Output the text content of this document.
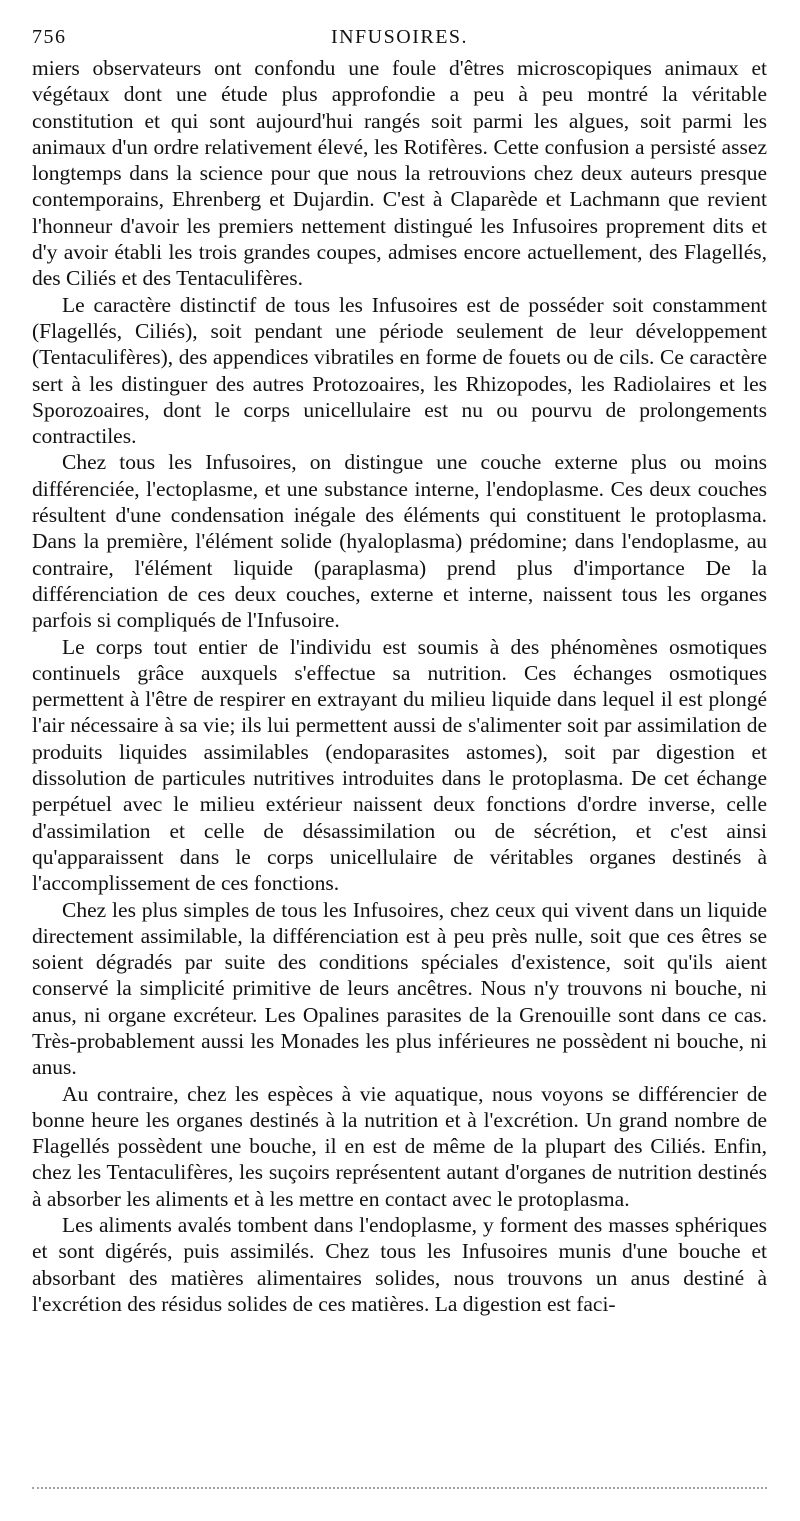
756	INFUSOIRES.

miers observateurs ont confondu une foule d'êtres microscopiques animaux et végétaux dont une étude plus approfondie a peu à peu montré la véritable constitution et qui sont aujourd'hui rangés soit parmi les algues, soit parmi les animaux d'un ordre relativement élevé, les Rotifères. Cette confusion a persisté assez longtemps dans la science pour que nous la retrouvions chez deux auteurs presque contemporains, Ehrenberg et Dujardin. C'est à Claparède et Lachmann que revient l'honneur d'avoir les premiers nettement distingué les Infusoires proprement dits et d'y avoir établi les trois grandes coupes, admises encore actuellement, des Flagellés, des Ciliés et des Tentaculifères.

Le caractère distinctif de tous les Infusoires est de posséder soit constamment (Flagellés, Ciliés), soit pendant une période seulement de leur développement (Tentaculifères), des appendices vibratiles en forme de fouets ou de cils. Ce caractère sert à les distinguer des autres Protozoaires, les Rhizopodes, les Radiolaires et les Sporozoaires, dont le corps unicellulaire est nu ou pourvu de prolongements contractiles.

Chez tous les Infusoires, on distingue une couche externe plus ou moins différenciée, l'ectoplasme, et une substance interne, l'endoplasme. Ces deux couches résultent d'une condensation inégale des éléments qui constituent le protoplasma. Dans la première, l'élément solide (hyaloplasma) prédomine; dans l'endoplasme, au contraire, l'élément liquide (paraplasma) prend plus d'importance De la différenciation de ces deux couches, externe et interne, naissent tous les organes parfois si compliqués de l'Infusoire.

Le corps tout entier de l'individu est soumis à des phénomènes osmotiques continuels grâce auxquels s'effectue sa nutrition. Ces échanges osmotiques permettent à l'être de respirer en extrayant du milieu liquide dans lequel il est plongé l'air nécessaire à sa vie; ils lui permettent aussi de s'alimenter soit par assimilation de produits liquides assimilables (endoparasites astomes), soit par digestion et dissolution de particules nutritives introduites dans le protoplasma. De cet échange perpétuel avec le milieu extérieur naissent deux fonctions d'ordre inverse, celle d'assimilation et celle de désassimilation ou de sécrétion, et c'est ainsi qu'apparaissent dans le corps unicellulaire de véritables organes destinés à l'accomplissement de ces fonctions.

Chez les plus simples de tous les Infusoires, chez ceux qui vivent dans un liquide directement assimilable, la différenciation est à peu près nulle, soit que ces êtres se soient dégradés par suite des conditions spéciales d'existence, soit qu'ils aient conservé la simplicité primitive de leurs ancêtres. Nous n'y trouvons ni bouche, ni anus, ni organe excréteur. Les Opalines parasites de la Grenouille sont dans ce cas. Très-probablement aussi les Monades les plus inférieures ne possèdent ni bouche, ni anus.

Au contraire, chez les espèces à vie aquatique, nous voyons se différencier de bonne heure les organes destinés à la nutrition et à l'excrétion. Un grand nombre de Flagellés possèdent une bouche, il en est de même de la plupart des Ciliés. Enfin, chez les Tentaculifères, les suçoirs représentent autant d'organes de nutrition destinés à absorber les aliments et à les mettre en contact avec le protoplasma.

Les aliments avalés tombent dans l'endoplasme, y forment des masses sphériques et sont digérés, puis assimilés. Chez tous les Infusoires munis d'une bouche et absorbant des matières alimentaires solides, nous trouvons un anus destiné à l'excrétion des résidus solides de ces matières. La digestion est faci-
